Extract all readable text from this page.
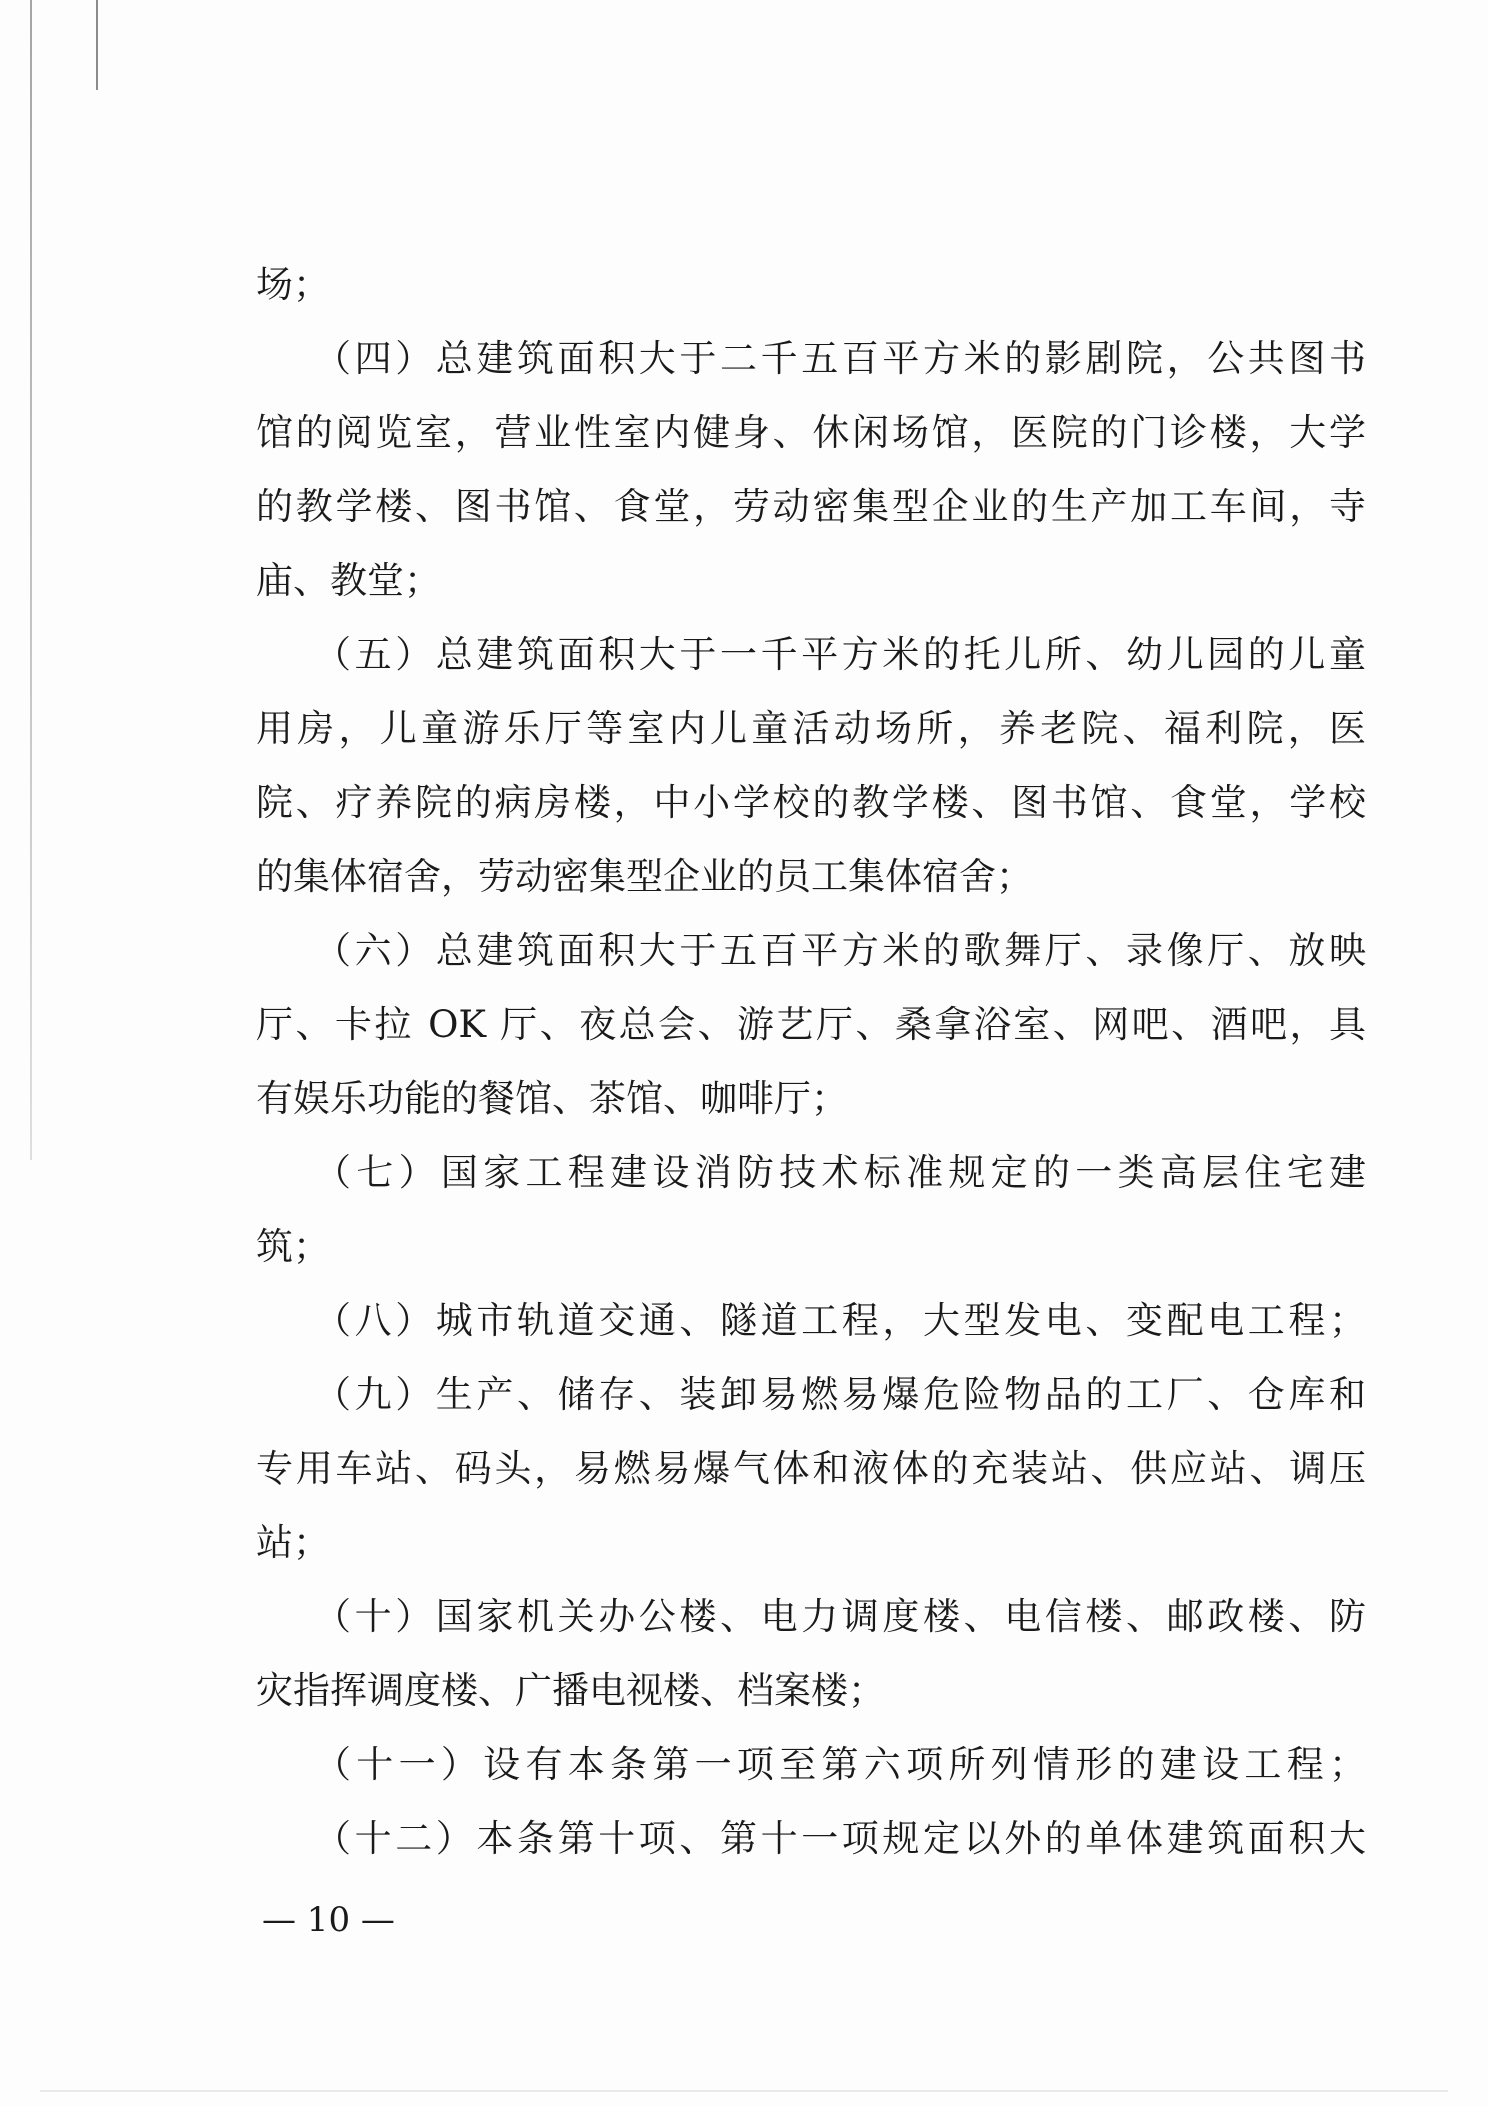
场；
（四）总建筑面积大于二千五百平方米的影剧院，公共图书
馆的阅览室，营业性室内健身、休闲场馆，医院的门诊楼，大学
的教学楼、图书馆、食堂，劳动密集型企业的生产加工车间，寺
庙、教堂；
（五）总建筑面积大于一千平方米的托儿所、幼儿园的儿童
用房，儿童游乐厅等室内儿童活动场所，养老院、福利院，医
院、疗养院的病房楼，中小学校的教学楼、图书馆、食堂，学校
的集体宿舍，劳动密集型企业的员工集体宿舍；
（六）总建筑面积大于五百平方米的歌舞厅、录像厅、放映
厅、卡拉 OK 厅、夜总会、游艺厅、桑拿浴室、网吧、酒吧，具
有娱乐功能的餐馆、茶馆、咖啡厅；
（七）国家工程建设消防技术标准规定的一类高层住宅建
筑；
（八）城市轨道交通、隧道工程，大型发电、变配电工程；
（九）生产、储存、装卸易燃易爆危险物品的工厂、仓库和
专用车站、码头，易燃易爆气体和液体的充装站、供应站、调压
站；
（十）国家机关办公楼、电力调度楼、电信楼、邮政楼、防
灾指挥调度楼、广播电视楼、档案楼；
（十一）设有本条第一项至第六项所列情形的建设工程；
（十二）本条第十项、第十一项规定以外的单体建筑面积大
— 10 —
